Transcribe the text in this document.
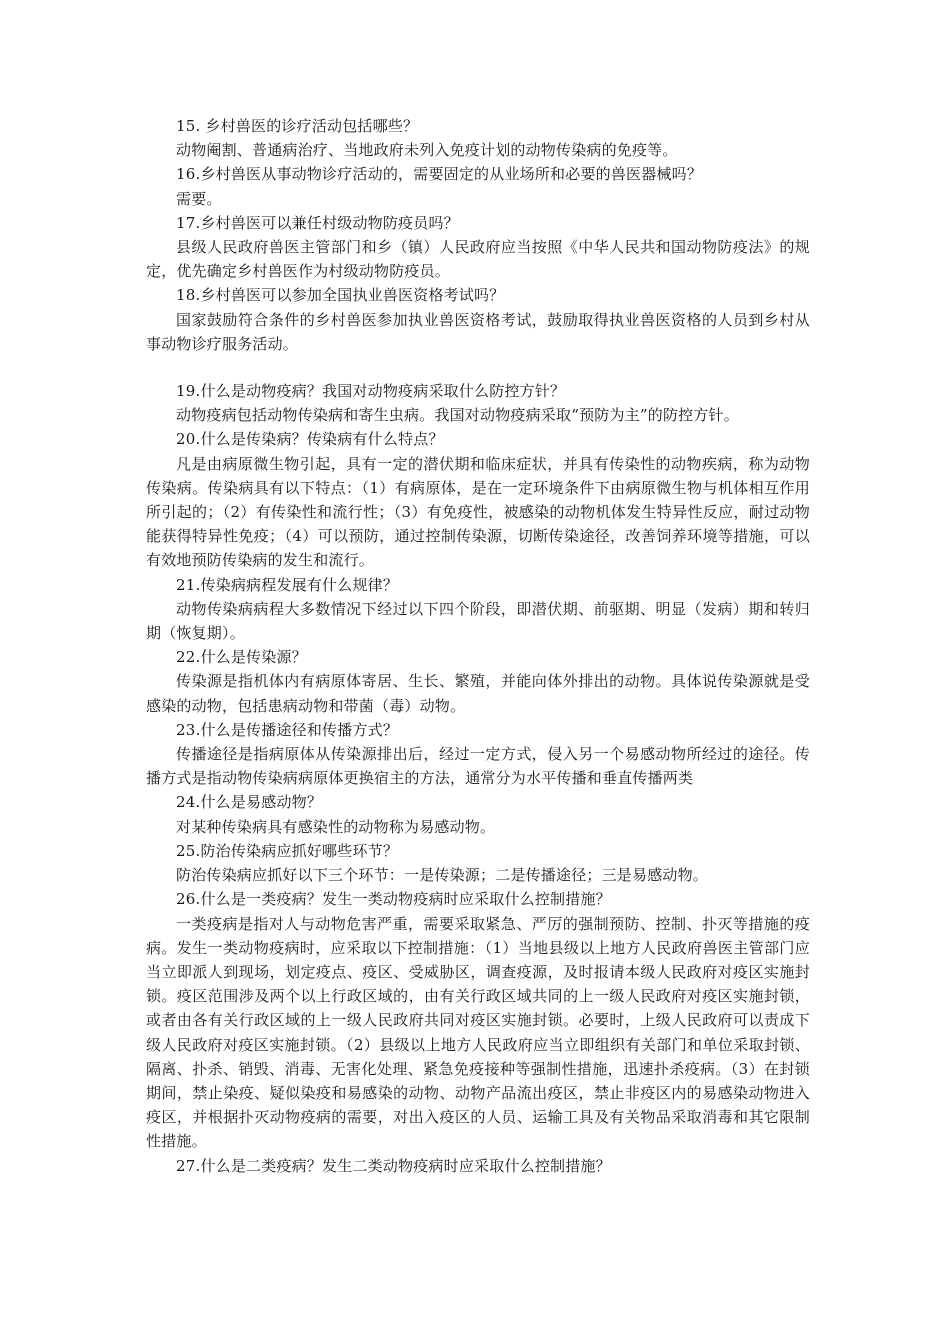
15. 乡村兽医的诊疗活动包括哪些？

动物阉割、普通病治疗、当地政府未列入免疫计划的动物传染病的免疫等。

16.乡村兽医从事动物诊疗活动的，需要固定的从业场所和必要的兽医器械吗？

需要。

17.乡村兽医可以兼任村级动物防疫员吗？

县级人民政府兽医主管部门和乡（镇）人民政府应当按照《中华人民共和国动物防疫法》的规定，优先确定乡村兽医作为村级动物防疫员。

18.乡村兽医可以参加全国执业兽医资格考试吗？

国家鼓励符合条件的乡村兽医参加执业兽医资格考试，鼓励取得执业兽医资格的人员到乡村从事动物诊疗服务活动。

19.什么是动物疫病？我国对动物疫病采取什么防控方针？

动物疫病包括动物传染病和寄生虫病。我国对动物疫病采取“预防为主”的防控方针。

20.什么是传染病？传染病有什么特点？

凡是由病原微生物引起，具有一定的潜伏期和临床症状，并具有传染性的动物疾病，称为动物传染病。传染病具有以下特点：（1）有病原体，是在一定环境条件下由病原微生物与机体相互作用所引起的；（2）有传染性和流行性；（3）有免疫性，被感染的动物机体发生特异性反应，耐过动物能获得特异性免疫；（4）可以预防，通过控制传染源，切断传染途径，改善饲养环境等措施，可以有效地预防传染病的发生和流行。

21.传染病病程发展有什么规律？

动物传染病病程大多数情况下经过以下四个阶段，即潜伏期、前驱期、明显（发病）期和转归期（恢复期）。

22.什么是传染源？

传染源是指机体内有病原体寄居、生长、繁殖，并能向体外排出的动物。具体说传染源就是受感染的动物，包括患病动物和带菌（毒）动物。

23.什么是传播途径和传播方式？

传播途径是指病原体从传染源排出后，经过一定方式，侵入另一个易感动物所经过的途径。传播方式是指动物传染病病原体更换宿主的方法，通常分为水平传播和垂直传播两类

24.什么是易感动物？

对某种传染病具有感染性的动物称为易感动物。

25.防治传染病应抓好哪些环节？

防治传染病应抓好以下三个环节：一是传染源；二是传播途径；三是易感动物。

26.什么是一类疫病？发生一类动物疫病时应采取什么控制措施？

一类疫病是指对人与动物危害严重，需要采取紧急、严厉的强制预防、控制、扑灭等措施的疫病。发生一类动物疫病时，应采取以下控制措施：（1）当地县级以上地方人民政府兽医主管部门应当立即派人到现场，划定疫点、疫区、受威胁区，调查疫源，及时报请本级人民政府对疫区实施封锁。疫区范围涉及两个以上行政区域的，由有关行政区域共同的上一级人民政府对疫区实施封锁，或者由各有关行政区域的上一级人民政府共同对疫区实施封锁。必要时，上级人民政府可以责成下级人民政府对疫区实施封锁。（2）县级以上地方人民政府应当立即组织有关部门和单位采取封锁、隔离、扑杀、销毁、消毒、无害化处理、紧急免疫接种等强制性措施，迅速扑杀疫病。（3）在封锁期间，禁止染疫、疑似染疫和易感染的动物、动物产品流出疫区，禁止非疫区内的易感染动物进入疫区，并根据扑灭动物疫病的需要，对出入疫区的人员、运输工具及有关物品采取消毒和其它限制性措施。

27.什么是二类疫病？发生二类动物疫病时应采取什么控制措施？
